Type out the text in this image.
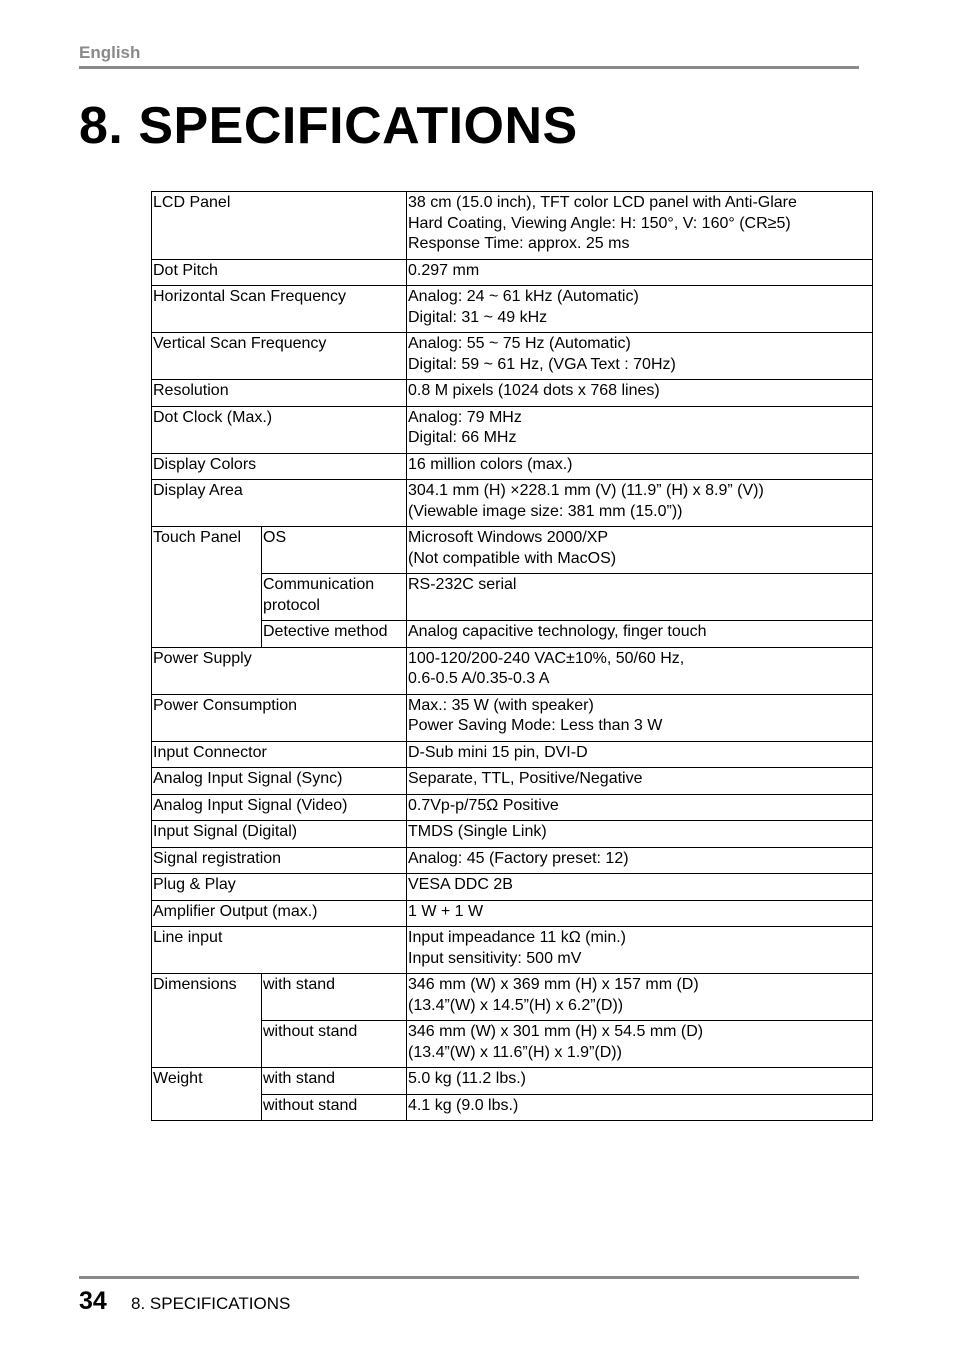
English
8. SPECIFICATIONS
LCD Panel		38 cm (15.0 inch), TFT color LCD panel with Anti-Glare
Hard Coating, Viewing Angle: H: 150°, V: 160° (CR≥5)
Response Time: approx. 25 ms
Dot Pitch		0.297 mm
Horizontal Scan Frequency		Analog: 24 ~ 61 kHz (Automatic)
Digital: 31 ~ 49 kHz
Vertical Scan Frequency		Analog: 55 ~ 75 Hz (Automatic)
Digital: 59 ~ 61 Hz, (VGA Text : 70Hz)
Resolution		0.8 M pixels (1024 dots x 768 lines)
Dot Clock (Max.)		Analog: 79 MHz
Digital: 66 MHz
Display Colors		16 million colors (max.)
Display Area		304.1 mm (H) ×228.1 mm (V) (11.9” (H) x 8.9” (V))
(Viewable image size: 381 mm (15.0”))
Touch Panel	OS	Microsoft Windows 2000/XP
(Not compatible with MacOS)
	Communication
protocol	RS-232C serial
	Detective method	Analog capacitive technology, finger touch
Power Supply		100-120/200-240 VAC±10%, 50/60 Hz,
0.6-0.5 A/0.35-0.3 A
Power Consumption		Max.: 35 W (with speaker)
Power Saving Mode: Less than 3 W
Input Connector		D-Sub mini 15 pin, DVI-D
Analog Input Signal (Sync)		Separate, TTL, Positive/Negative
Analog Input Signal (Video)		0.7Vp-p/75Ω Positive
Input Signal (Digital)		TMDS (Single Link)
Signal registration		Analog: 45 (Factory preset: 12)
Plug & Play		VESA DDC 2B
Amplifier Output (max.)		1 W + 1 W
Line input		Input impeadance 11 kΩ (min.)
Input sensitivity: 500 mV
Dimensions	with stand	346 mm (W) x 369 mm (H) x 157 mm (D)
(13.4”(W) x 14.5”(H) x 6.2”(D))
	without stand	346 mm (W) x 301 mm (H) x 54.5 mm (D)
(13.4”(W) x 11.6”(H) x 1.9”(D))
Weight	with stand	5.0 kg (11.2 lbs.)
	without stand	4.1 kg (9.0 lbs.)
34 8. SPECIFICATIONS
